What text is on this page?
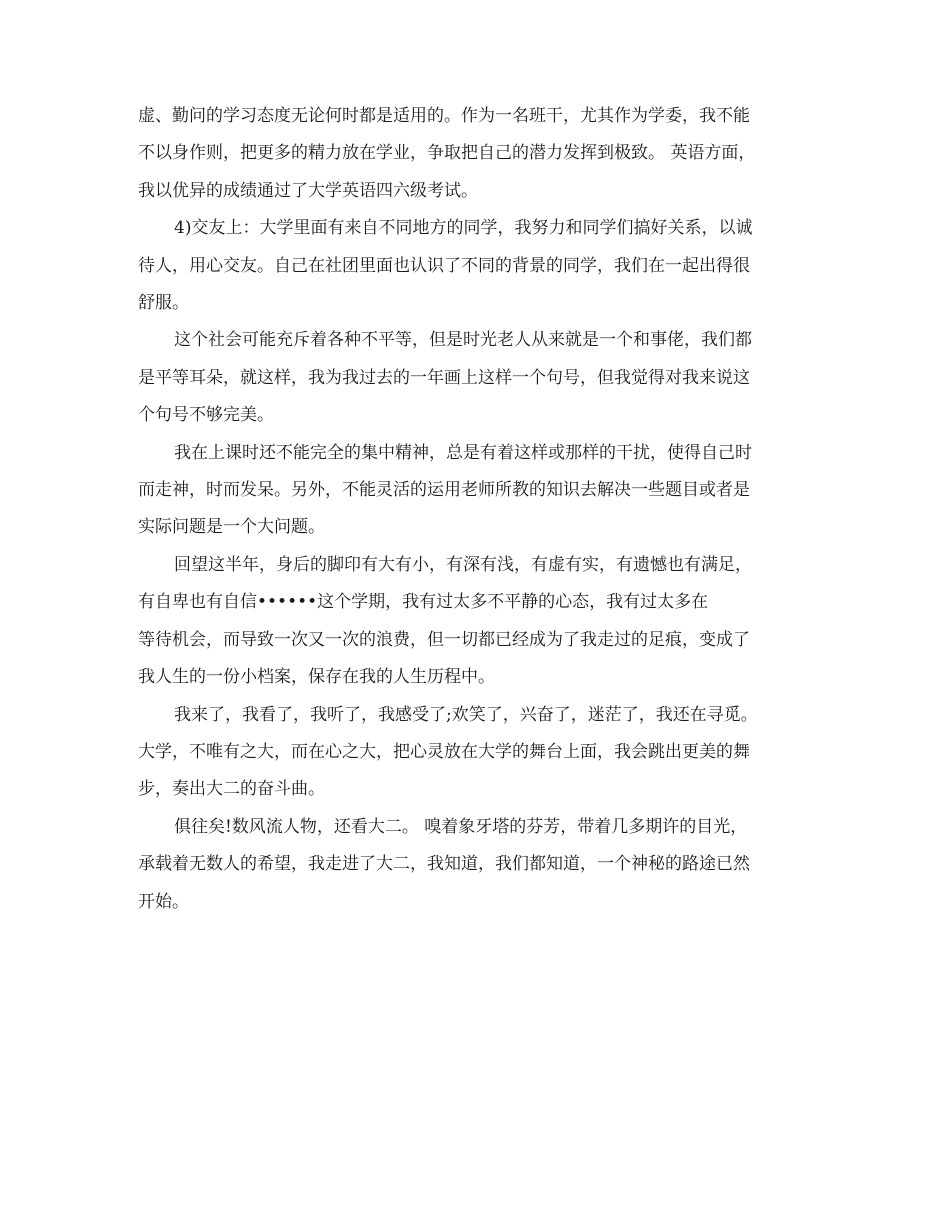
虚、勤问的学习态度无论何时都是适用的。作为一名班干，尤其作为学委，我不能

不以身作则，把更多的精力放在学业，争取把自己的潜力发挥到极致。 英语方面，

我以优异的成绩通过了大学英语四六级考试。

4)交友上：大学里面有来自不同地方的同学，我努力和同学们搞好关系，以诚

待人，用心交友。自己在社团里面也认识了不同的背景的同学，我们在一起出得很

舒服。

这个社会可能充斥着各种不平等，但是时光老人从来就是一个和事佬，我们都

是平等耳朵，就这样，我为我过去的一年画上这样一个句号，但我觉得对我来说这

个句号不够完美。

我在上课时还不能完全的集中精神，总是有着这样或那样的干扰，使得自己时

而走神，时而发呆。另外，不能灵活的运用老师所教的知识去解决一些题目或者是

实际问题是一个大问题。

回望这半年，身后的脚印有大有小，有深有浅，有虚有实，有遗憾也有满足，

有自卑也有自信••••••这个学期，我有过太多不平静的心态，我有过太多在

等待机会，而导致一次又一次的浪费，但一切都已经成为了我走过的足痕，变成了

我人生的一份小档案，保存在我的人生历程中。

我来了，我看了，我听了，我感受了;欢笑了，兴奋了，迷茫了，我还在寻觅。

大学，不唯有之大，而在心之大，把心灵放在大学的舞台上面，我会跳出更美的舞

步，奏出大二的奋斗曲。

俱往矣!数风流人物，还看大二。 嗅着象牙塔的芬芳，带着几多期许的目光，

承载着无数人的希望，我走进了大二，我知道，我们都知道，一个神秘的路途已然

开始。
